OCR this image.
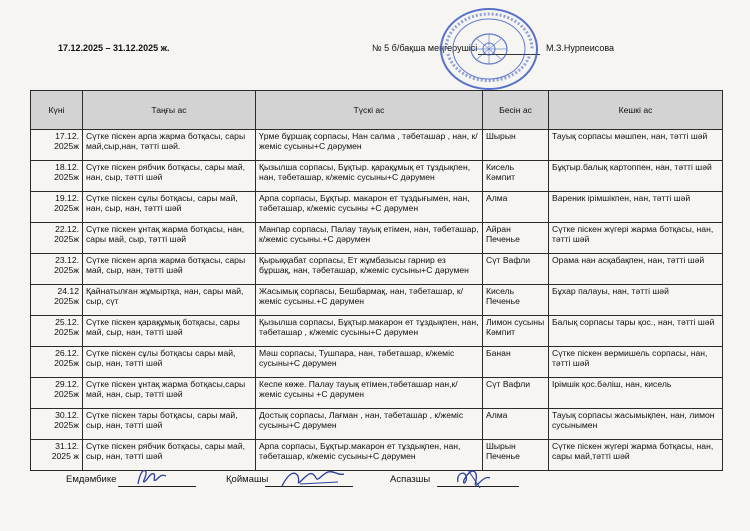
17.12.2025 – 31.12.2025 ж.	№ 5 б/бақша меңгерушісі	М.З.Нурпеисова
Күні	Таңғы ас	Түскі ас	Бесін ас	Кешкі ас
17.12. 2025ж	Сүтке піскен арпа жарма ботқасы, сары май,сыр,нан, тәтті шәй.	Үрме бұршақ сорпасы, Нан салма , тәбеташар , нан, к/жеміс сусыны+С дәрумен	Шырын	Тауық сорпасы мәшпен, нан, тәтті шәй
18.12. 2025ж	Сүтке піскен рябчик ботқасы, сары май, нан, сыр, тәтті шәй	Қызылша сорпасы, Бұқтыр. қарақұмық ет тұздықпен, нан, тәбеташар, к/жеміс сусыны+С дәрумен	Кисель Кәмпит	Бұқтыр.балық картоппен, нан, тәтті шәй
19.12. 2025ж	Сүтке піскен сұлы ботқасы, сары май, нан, сыр, нан, тәтті шәй	Арпа сорпасы, Бұқтыр. макарон ет тұздығымен, нан, тәбеташар, к/жеміс сусыны +С дәрумен	Алма	Вареник ірімшікпен, нан, тәтті шәй
22.12. 2025ж	Сүтке піскен ұнтақ жарма ботқасы, нан, сары май, сыр, тәтті шәй	Манпар сорпасы, Палау тауық етімен, нан, тәбеташар, к/жеміс сусыны.+С дәрумен	Айран Печенье	Сүтке піскен жүгері жарма ботқасы, нан, тәтті шәй
23.12. 2025ж	Сүтке піскен арпа жарма ботқасы, сары май, сыр, нан, тәтті шәй	Қырыққабат сорпасы, Ет жұмбазысы гарнир ез бұршақ, нан, тәбеташар, к/жеміс сусыны+С дәрумен	Сүт Вафли	Орама нан асқабақпен, нан, тәтті шәй
24.12 2025ж	Қайнатылған жұмыртқа, нан, сары май, сыр, сүт	Жасымық сорпасы, Бешбармақ, нан, тәбеташар, к/жеміс сусыны.+С дәрумен	Кисель Печенье	Бұхар палауы, нан, тәтті шәй
25.12. 2025ж	Сүтке піскен қарақұмық ботқасы, сары май, сыр, нан, тәтті шәй	Қызылша сорпасы, Бұқтыр.макарон ет тұздықпен, нан, тәбеташар , к/жеміс сусыны+С дәрумен	Лимон сусыны Кәмпит	Балық сорпасы тары қос., нан, тәтті шәй
26.12. 2025ж	Сүтке піскен сұлы ботқасы сары май, сыр, нан, тәтті шәй	Мәш сорпасы, Тушпара, нан, тәбеташар, к/жеміс сусыны+С дәрумен	Банан	Сүтке піскен вермишель сорпасы, нан, тәтті шәй
29.12. 2025ж	Сүтке піскен ұнтақ жарма ботқасы,сары май, нан, сыр, тәтті шәй	Кеспе көже. Палау тауық етімен,тәбеташар нан,к/жеміс сусыны +С дәрумен	Сүт Вафли	Ірімшік қос.бәліш, нан, кисель
30.12. 2025ж	Сүтке піскен тары ботқасы, сары май, сыр, нан, тәтті шәй	Достық сорпасы, Лағман , нан, тәбеташар , к/жеміс сусыны+С дәрумен	Алма	Тауық сорпасы жасымықпен, нан, лимон сусынымен
31.12. 2025 ж	Сүтке піскен рябчик ботқасы, сары май, сыр, нан, тәтті шәй	Арпа сорпасы, Бұқтыр.макарон ет тұздықпен, нан, тәбеташар, к/жеміс сусыны+С дәрумен	Шырын Печенье	Сүтке піскен жүгері жарма ботқасы, нан, сары май,тәтті шәй
Емдәмбике	Қоймашы	Аспазшы
